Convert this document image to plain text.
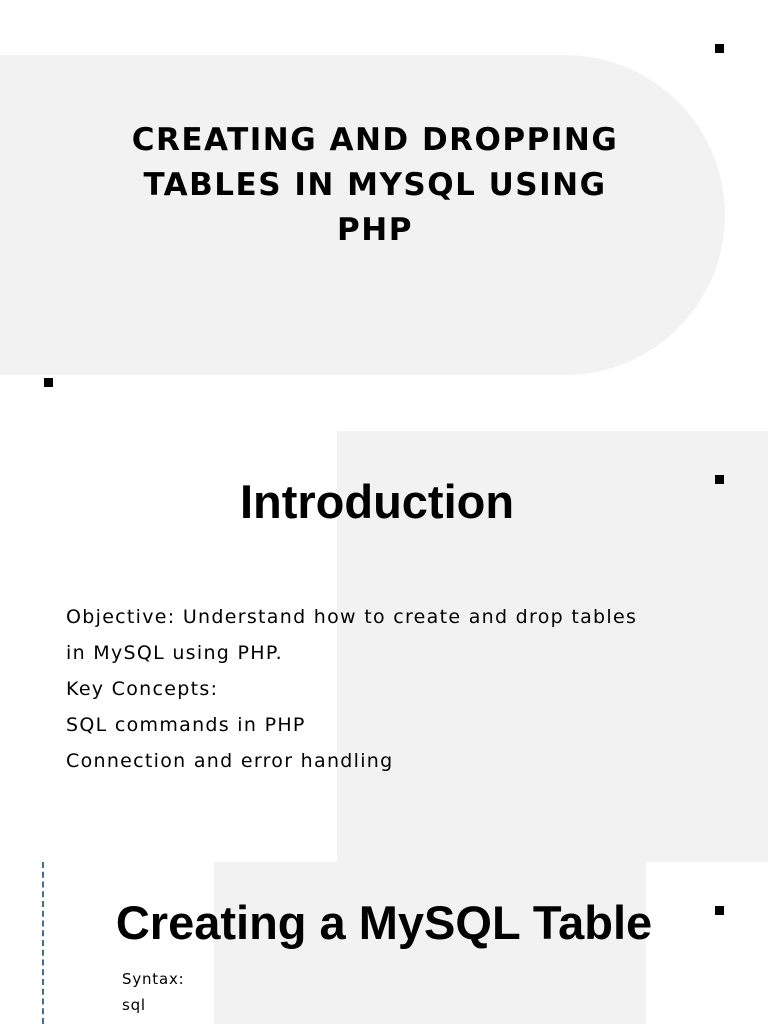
CREATING AND DROPPING TABLES IN MYSQL USING PHP
Introduction
Objective: Understand how to create and drop tables
in MySQL using PHP.
Key Concepts:
SQL commands in PHP
Connection and error handling
Creating a MySQL Table
Syntax:
sql
